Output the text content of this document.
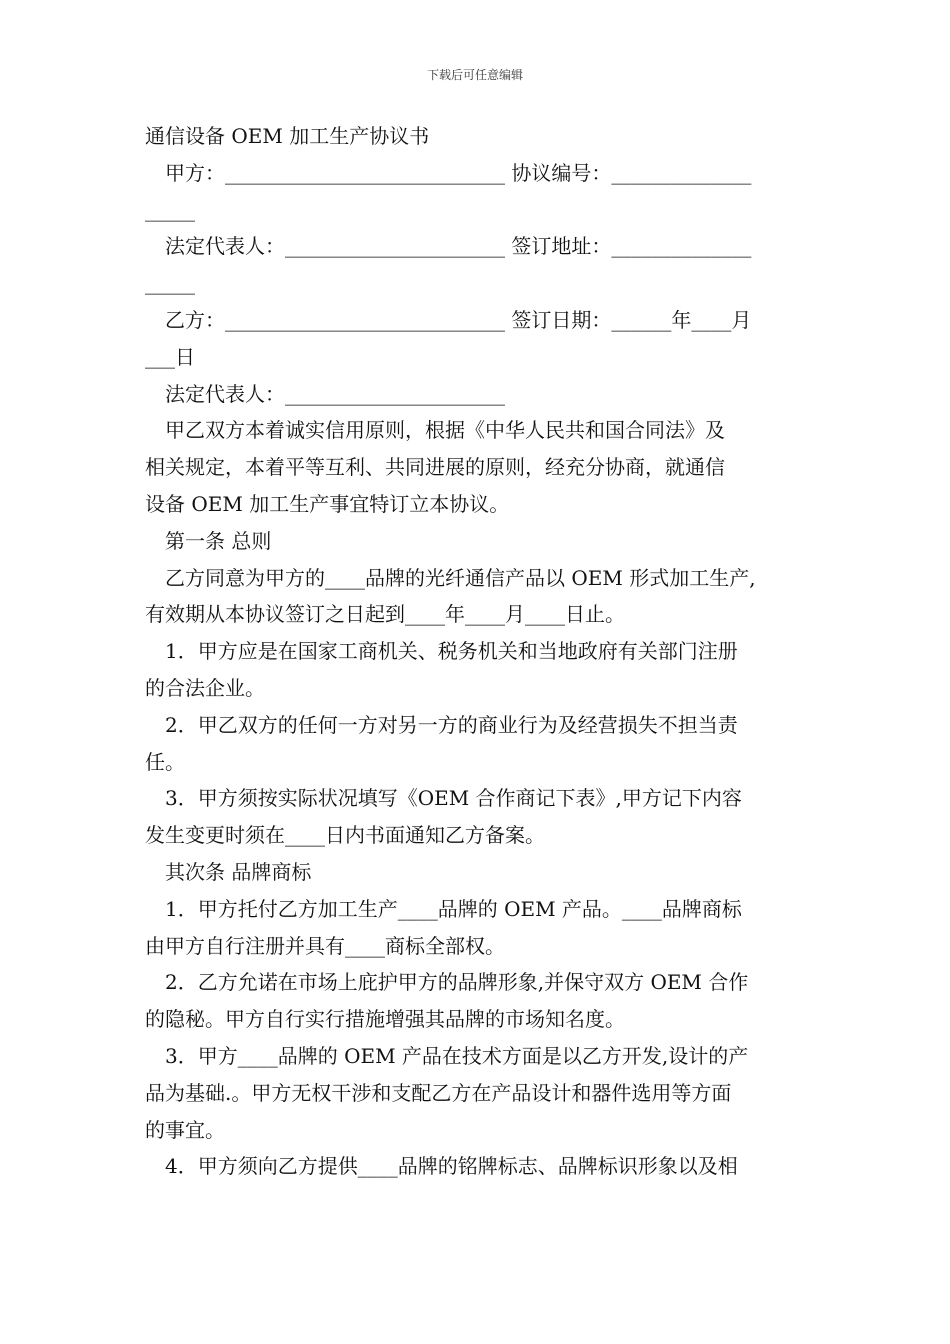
下载后可任意编辑
通信设备 OEM 加工生产协议书
甲方：____________________________ 协议编号：______________
_____
法定代表人：______________________ 签订地址：______________
_____
乙方：____________________________ 签订日期：______年____月
___日
法定代表人：______________________
甲乙双方本着诚实信用原则，根据《中华人民共和国合同法》及
相关规定，本着平等互利、共同进展的原则，经充分协商，就通信
设备 OEM 加工生产事宜特订立本协议。
第一条 总则
乙方同意为甲方的____品牌的光纤通信产品以 OEM 形式加工生产,
有效期从本协议签订之日起到____年____月____日止。
1．甲方应是在国家工商机关、税务机关和当地政府有关部门注册
的合法企业。
2．甲乙双方的任何一方对另一方的商业行为及经营损失不担当责
任。
3．甲方须按实际状况填写《OEM 合作商记下表》,甲方记下内容
发生变更时须在____日内书面通知乙方备案。
其次条 品牌商标
1．甲方托付乙方加工生产____品牌的 OEM 产品。____品牌商标
由甲方自行注册并具有____商标全部权。
2．乙方允诺在市场上庇护甲方的品牌形象,并保守双方 OEM 合作
的隐秘。甲方自行实行措施增强其品牌的市场知名度。
3．甲方____品牌的 OEM 产品在技术方面是以乙方开发,设计的产
品为基础.。甲方无权干涉和支配乙方在产品设计和器件选用等方面
的事宜。
4．甲方须向乙方提供____品牌的铭牌标志、品牌标识形象以及相
